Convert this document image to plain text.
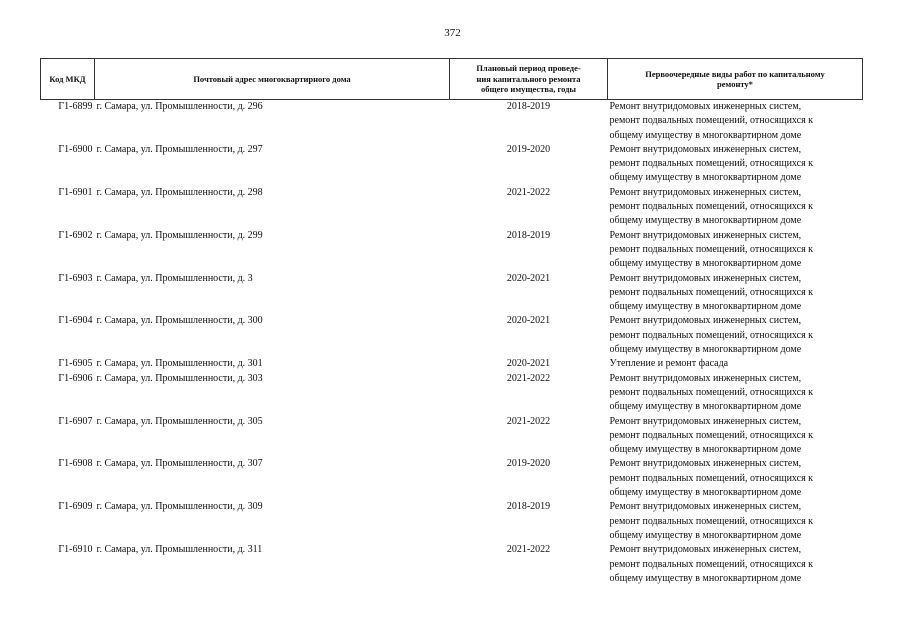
372
Код МКД	Почтовый адрес многоквартирного дома	Плановый период проведе-
ния капитального ремонта
общего имущества, годы	Первоочередные виды работ по капитальному
ремонту*

Г1-6899	г. Самара, ул. Промышленности, д. 296	2018-2019	Ремонт внутридомовых инженерных систем,
ремонт подвальных помещений, относящихся к
общему имуществу в многоквартирном доме

Г1-6900	г. Самара, ул. Промышленности, д. 297	2019-2020	Ремонт внутридомовых инженерных систем,
ремонт подвальных помещений, относящихся к
общему имуществу в многоквартирном доме

Г1-6901	г. Самара, ул. Промышленности, д. 298	2021-2022	Ремонт внутридомовых инженерных систем,
ремонт подвальных помещений, относящихся к
общему имуществу в многоквартирном доме

Г1-6902	г. Самара, ул. Промышленности, д. 299	2018-2019	Ремонт внутридомовых инженерных систем,
ремонт подвальных помещений, относящихся к
общему имуществу в многоквартирном доме

Г1-6903	г. Самара, ул. Промышленности, д. 3	2020-2021	Ремонт внутридомовых инженерных систем,
ремонт подвальных помещений, относящихся к
общему имуществу в многоквартирном доме

Г1-6904	г. Самара, ул. Промышленности, д. 300	2020-2021	Ремонт внутридомовых инженерных систем,
ремонт подвальных помещений, относящихся к
общему имуществу в многоквартирном доме

Г1-6905	г. Самара, ул. Промышленности, д. 301	2020-2021	Утепление и ремонт фасада

Г1-6906	г. Самара, ул. Промышленности, д. 303	2021-2022	Ремонт внутридомовых инженерных систем,
ремонт подвальных помещений, относящихся к
общему имуществу в многоквартирном доме

Г1-6907	г. Самара, ул. Промышленности, д. 305	2021-2022	Ремонт внутридомовых инженерных систем,
ремонт подвальных помещений, относящихся к
общему имуществу в многоквартирном доме

Г1-6908	г. Самара, ул. Промышленности, д. 307	2019-2020	Ремонт внутридомовых инженерных систем,
ремонт подвальных помещений, относящихся к
общему имуществу в многоквартирном доме

Г1-6909	г. Самара, ул. Промышленности, д. 309	2018-2019	Ремонт внутридомовых инженерных систем,
ремонт подвальных помещений, относящихся к
общему имуществу в многоквартирном доме

Г1-6910	г. Самара, ул. Промышленности, д. 311	2021-2022	Ремонт внутридомовых инженерных систем,
ремонт подвальных помещений, относящихся к
общему имуществу в многоквартирном доме
